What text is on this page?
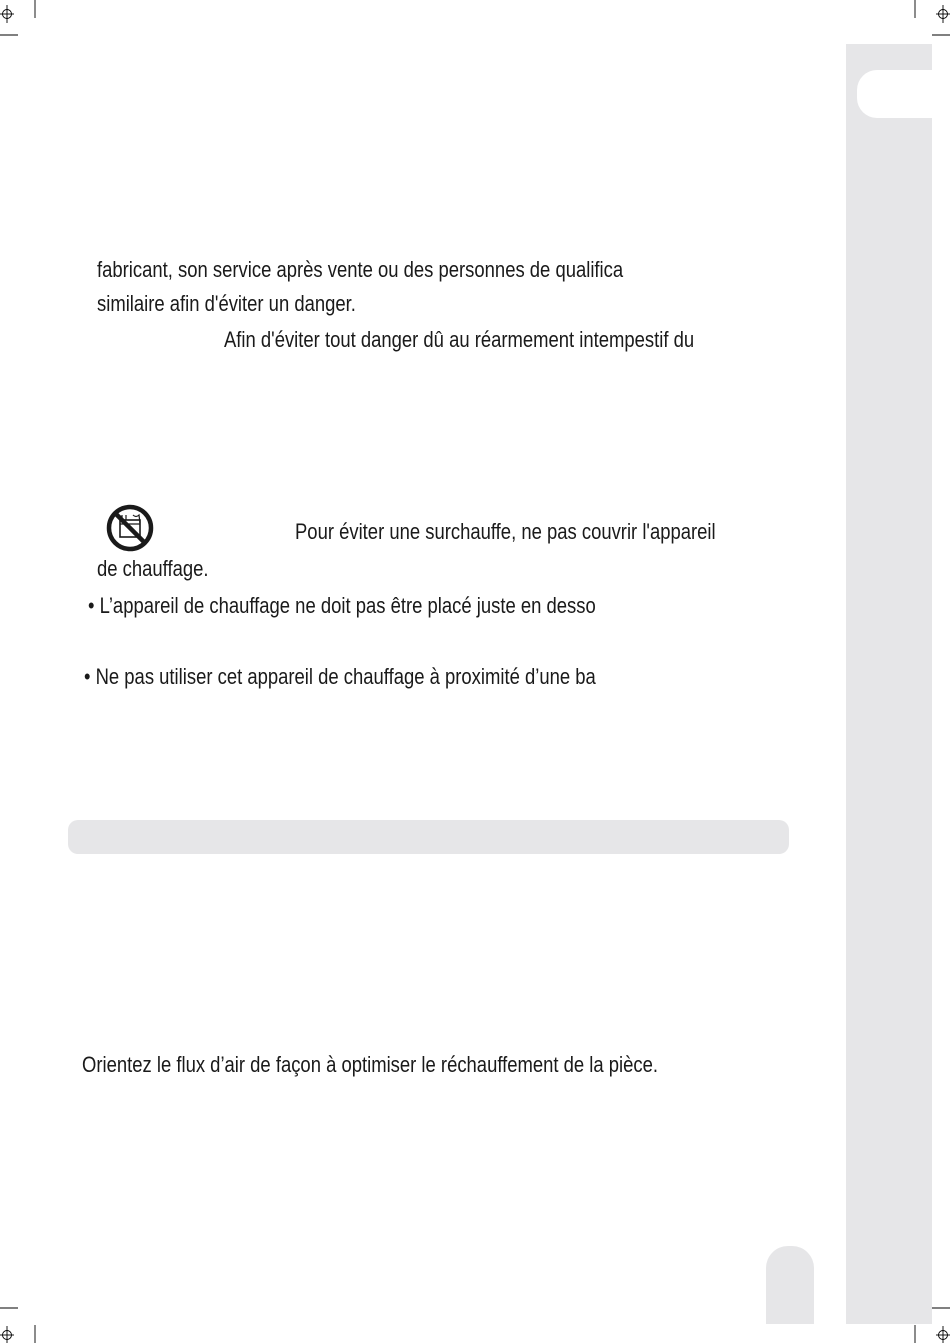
fabricant, son service après vente ou des personnes de qualifica

similaire afin d'éviter un danger.

Afin d'éviter tout danger dû au réarmement intempestif du

Pour éviter une surchauffe, ne pas couvrir l'appareil

de chauffage.

• L’appareil de chauffage ne doit pas être placé juste en desso

• Ne pas utiliser cet appareil de chauffage à proximité d’une ba

Orientez le flux d’air de façon à optimiser le réchauffement de la pièce.
